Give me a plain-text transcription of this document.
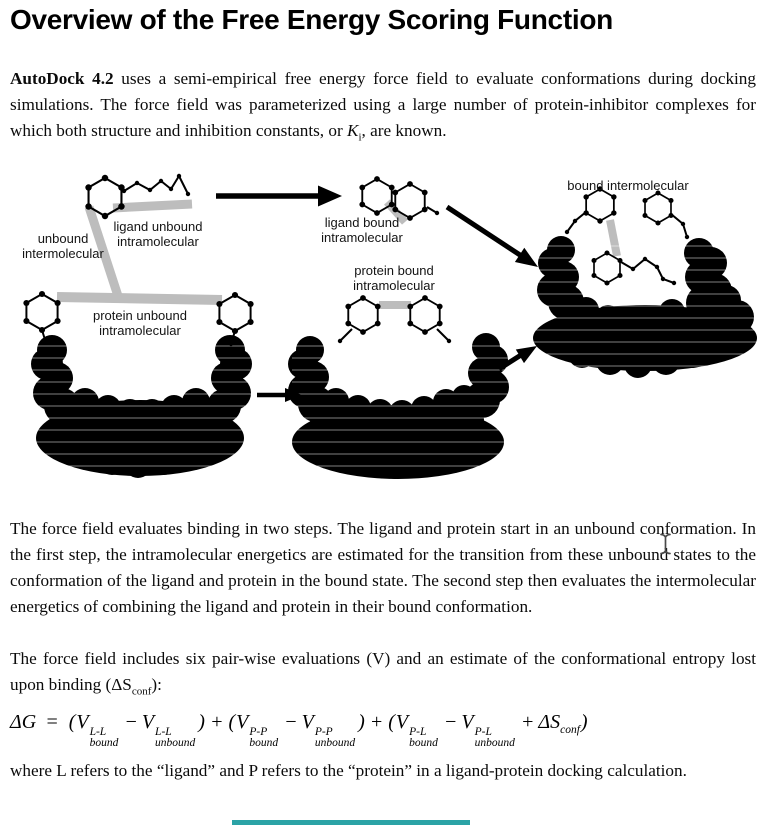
Overview of the Free Energy Scoring Function

AutoDock 4.2 uses a semi-empirical free energy force field to evaluate conformations during docking simulations. The force field was parameterized using a large number of protein-inhibitor complexes for which both structure and inhibition constants, or $K_i$, are known.

ligand unbound
intramolecular
unbound
intermolecular
protein unbound
intramolecular
ligand bound
intramolecular
protein bound
intramolecular
bound intermolecular

The force field evaluates binding in two steps. The ligand and protein start in an unbound conformation. In the first step, the intramolecular energetics are estimated for the transition from these unbound states to the conformation of the ligand and protein in the bound state. The second step then evaluates the intermolecular energetics of combining the ligand and protein in their bound conformation.

The force field includes six pair-wise evaluations (V) and an estimate of the conformational entropy lost upon binding $(\Delta S_{conf})$:

ΔG = (V L-L
bound
− V L-L
unbound
) + (V P-P
bound
− V P-P
unbound
) + (V P-L
bound
− V P-L
unbound
+ $\Delta S_{conf}$)

where L refers to the “ligand” and P refers to the “protein” in a ligand-protein docking calculation.
